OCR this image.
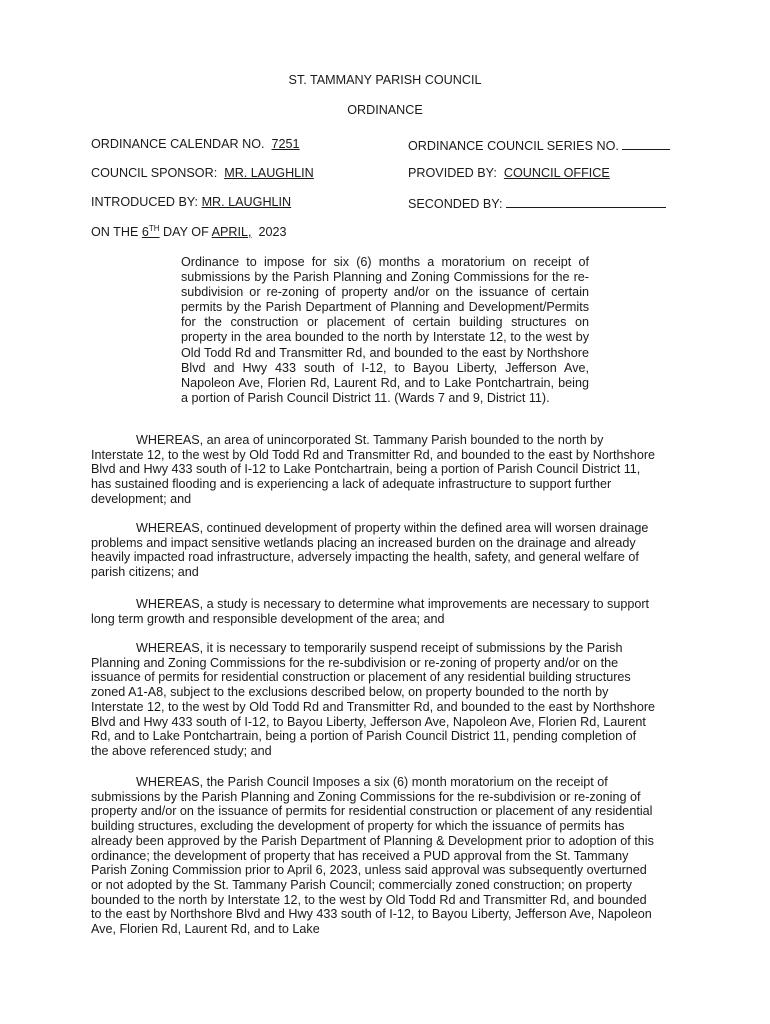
ST. TAMMANY PARISH COUNCIL
ORDINANCE
ORDINANCE CALENDAR NO. 7251	ORDINANCE COUNCIL SERIES NO.
COUNCIL SPONSOR: MR. LAUGHLIN	PROVIDED BY: COUNCIL OFFICE
INTRODUCED BY: MR. LAUGHLIN	SECONDED BY:
ON THE 6TH DAY OF APRIL, 2023
Ordinance to impose for six (6) months a moratorium on receipt of submissions by the Parish Planning and Zoning Commissions for the re-subdivision or re-zoning of property and/or on the issuance of certain permits by the Parish Department of Planning and Development/Permits for the construction or placement of certain building structures on property in the area bounded to the north by Interstate 12, to the west by Old Todd Rd and Transmitter Rd, and bounded to the east by Northshore Blvd and Hwy 433 south of I-12, to Bayou Liberty, Jefferson Ave, Napoleon Ave, Florien Rd, Laurent Rd, and to Lake Pontchartrain, being a portion of Parish Council District 11. (Wards 7 and 9, District 11).
WHEREAS, an area of unincorporated St. Tammany Parish bounded to the north by Interstate 12, to the west by Old Todd Rd and Transmitter Rd, and bounded to the east by Northshore Blvd and Hwy 433 south of I-12 to Lake Pontchartrain, being a portion of Parish Council District 11, has sustained flooding and is experiencing a lack of adequate infrastructure to support further development; and
WHEREAS, continued development of property within the defined area will worsen drainage problems and impact sensitive wetlands placing an increased burden on the drainage and already heavily impacted road infrastructure, adversely impacting the health, safety, and general welfare of parish citizens; and
WHEREAS, a study is necessary to determine what improvements are necessary to support long term growth and responsible development of the area; and
WHEREAS, it is necessary to temporarily suspend receipt of submissions by the Parish Planning and Zoning Commissions for the re-subdivision or re-zoning of property and/or on the issuance of permits for residential construction or placement of any residential building structures zoned A1-A8, subject to the exclusions described below, on property bounded to the north by Interstate 12, to the west by Old Todd Rd and Transmitter Rd, and bounded to the east by Northshore Blvd and Hwy 433 south of I-12, to Bayou Liberty, Jefferson Ave, Napoleon Ave, Florien Rd, Laurent Rd, and to Lake Pontchartrain, being a portion of Parish Council District 11, pending completion of the above referenced study; and
WHEREAS, the Parish Council Imposes a six (6) month moratorium on the receipt of submissions by the Parish Planning and Zoning Commissions for the re-subdivision or re-zoning of property and/or on the issuance of permits for residential construction or placement of any residential building structures, excluding the development of property for which the issuance of permits has already been approved by the Parish Department of Planning & Development prior to adoption of this ordinance; the development of property that has received a PUD approval from the St. Tammany Parish Zoning Commission prior to April 6, 2023, unless said approval was subsequently overturned or not adopted by the St. Tammany Parish Council; commercially zoned construction; on property bounded to the north by Interstate 12, to the west by Old Todd Rd and Transmitter Rd, and bounded to the east by Northshore Blvd and Hwy 433 south of I-12, to Bayou Liberty, Jefferson Ave, Napoleon Ave, Florien Rd, Laurent Rd, and to Lake
